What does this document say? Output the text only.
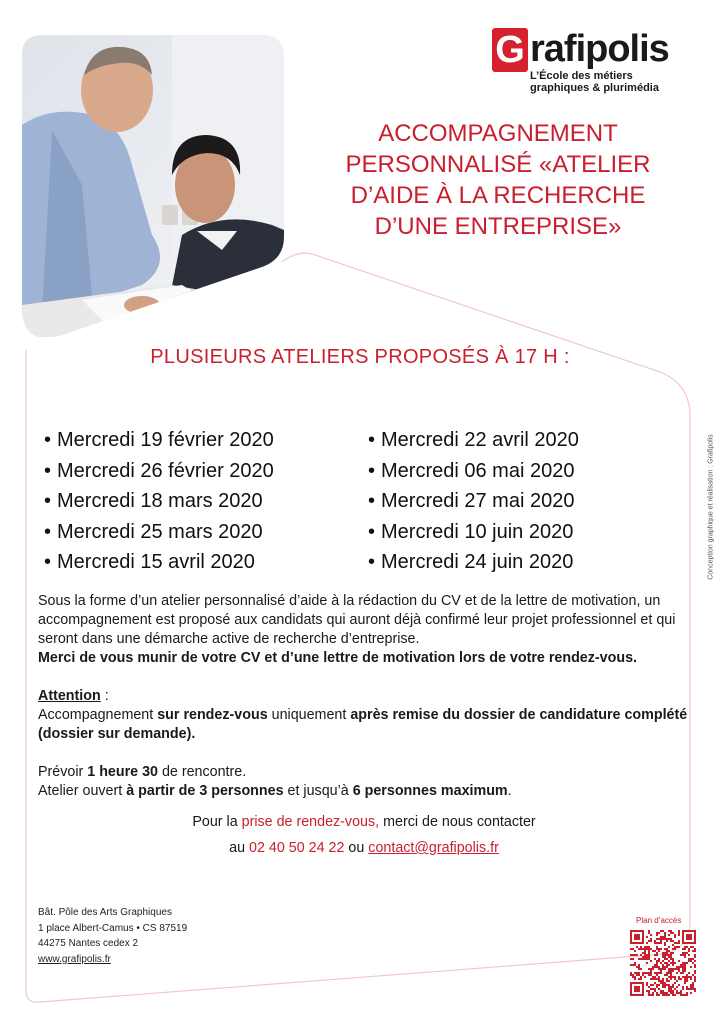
G rafipolis
L’École des métiers
graphiques & plurimédia
ACCOMPAGNEMENT
PERSONNALISÉ «ATELIER
D’AIDE À LA RECHERCHE
D’UNE ENTREPRISE»
PLUSIEURS ATELIERS PROPOSÉS À 17 H :
• Mercredi 19 février 2020
• Mercredi 26 février 2020
• Mercredi 18 mars 2020
• Mercredi 25 mars 2020
• Mercredi 15 avril 2020
• Mercredi 22 avril 2020
• Mercredi 06 mai 2020
• Mercredi 27 mai 2020
• Mercredi 10 juin 2020
• Mercredi 24 juin 2020

Sous la forme d’un atelier personnalisé d’aide à la rédaction du CV et de la lettre de motivation, un accompagnement est proposé aux candidats qui auront déjà confirmé leur projet professionnel et qui seront dans une démarche active de recherche d’entreprise.

Merci de vous munir de votre CV et d’une lettre de motivation lors de votre rendez-vous.

Attention :

Accompagnement sur rendez-vous uniquement après remise du dossier de candidature complété (dossier sur demande).

Prévoir 1 heure 30 de rencontre.

Atelier ouvert à partir de 3 personnes et jusqu’à 6 personnes maximum.

Pour la prise de rendez-vous, merci de nous contacter

au 02 40 50 24 22 ou contact@grafipolis.fr

Conception graphique et réalisation : Grafipolis
Bât. Pôle des Arts Graphiques
1 place Albert-Camus • CS 87519
44275 Nantes cedex 2
www.grafipolis.fr
Plan d’accès
